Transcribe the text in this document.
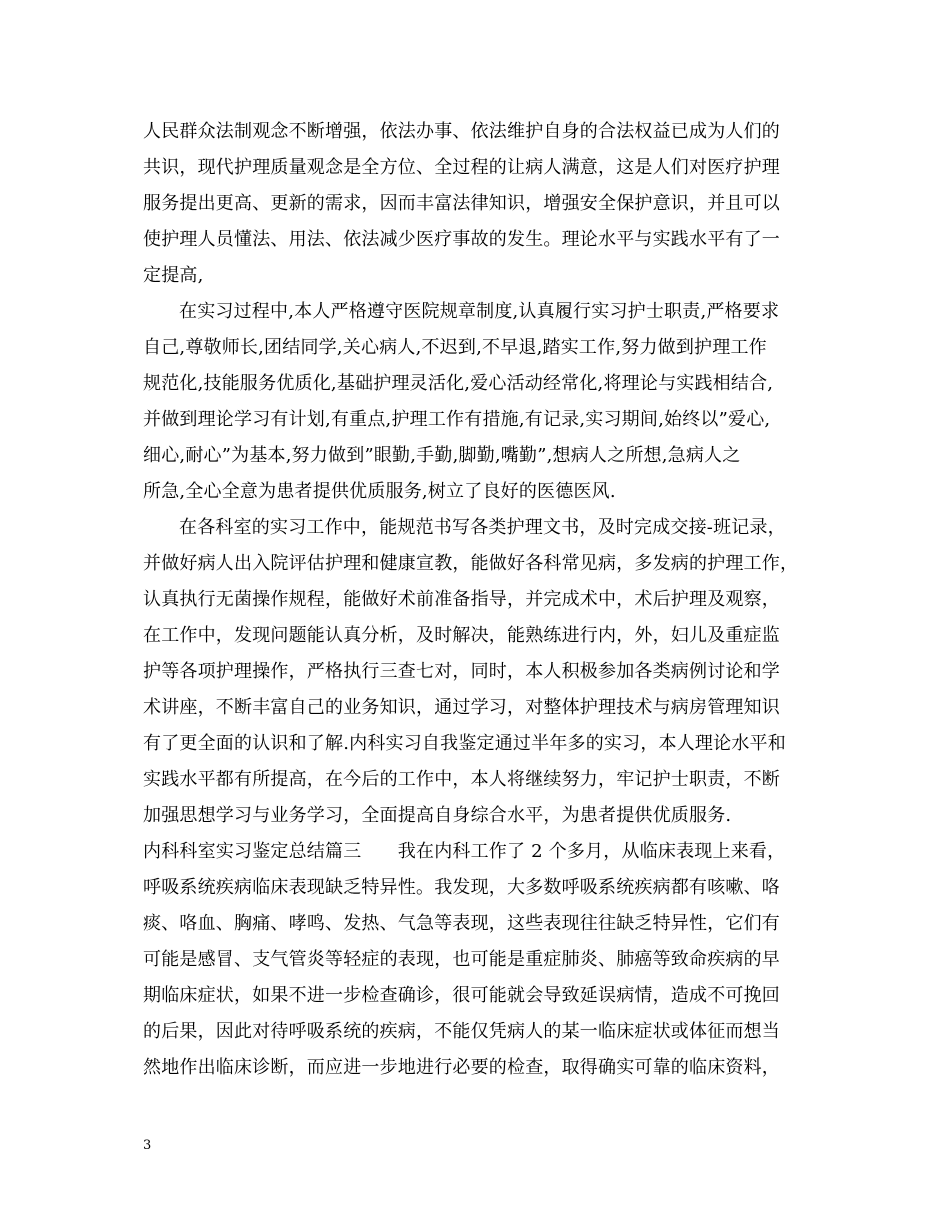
人民群众法制观念不断增强，依法办事、依法维护自身的合法权益已成为人们的
共识，现代护理质量观念是全方位、全过程的让病人满意，这是人们对医疗护理
服务提出更高、更新的需求，因而丰富法律知识，增强安全保护意识，并且可以
使护理人员懂法、用法、依法减少医疗事故的发生。理论水平与实践水平有了一
定提高,
在实习过程中,本人严格遵守医院规章制度,认真履行实习护士职责,严格要求
自己,尊敬师长,团结同学,关心病人,不迟到,不早退,踏实工作,努力做到护理工作
规范化,技能服务优质化,基础护理灵活化,爱心活动经常化,将理论与实践相结合,
并做到理论学习有计划,有重点,护理工作有措施,有记录,实习期间,始终以”爱心,
细心,耐心”为基本,努力做到”眼勤,手勤,脚勤,嘴勤”,想病人之所想,急病人之
所急,全心全意为患者提供优质服务,树立了良好的医德医风.
在各科室的实习工作中，能规范书写各类护理文书，及时完成交接-班记录，
并做好病人出入院评估护理和健康宣教，能做好各科常见病，多发病的护理工作，
认真执行无菌操作规程，能做好术前准备指导，并完成术中，术后护理及观察，
在工作中，发现问题能认真分析，及时解决，能熟练进行内，外，妇儿及重症监
护等各项护理操作，严格执行三查七对，同时，本人积极参加各类病例讨论和学
术讲座，不断丰富自己的业务知识，通过学习，对整体护理技术与病房管理知识
有了更全面的认识和了解.内科实习自我鉴定通过半年多的实习，本人理论水平和
实践水平都有所提高，在今后的工作中，本人将继续努力，牢记护士职责，不断
加强思想学习与业务学习，全面提高自身综合水平，为患者提供优质服务.
内科科室实习鉴定总结篇三　　我在内科工作了 2 个多月，从临床表现上来看，
呼吸系统疾病临床表现缺乏特异性。我发现，大多数呼吸系统疾病都有咳嗽、咯
痰、咯血、胸痛、哮鸣、发热、气急等表现，这些表现往往缺乏特异性，它们有
可能是感冒、支气管炎等轻症的表现，也可能是重症肺炎、肺癌等致命疾病的早
期临床症状，如果不进一步检查确诊，很可能就会导致延误病情，造成不可挽回
的后果，因此对待呼吸系统的疾病，不能仅凭病人的某一临床症状或体征而想当
然地作出临床诊断，而应进一步地进行必要的检查，取得确实可靠的临床资料，
3
